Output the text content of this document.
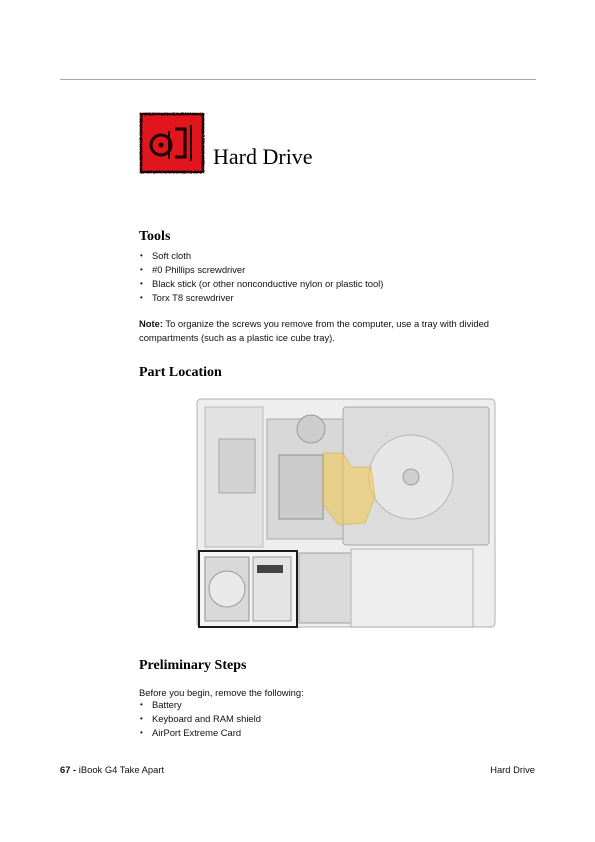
Hard Drive
Tools
• Soft cloth
• #0 Phillips screwdriver
• Black stick (or other nonconductive nylon or plastic tool)
• Torx T8 screwdriver

Note: To organize the screws you remove from the computer, use a tray with divided compartments (such as a plastic ice cube tray).

Part Location
Preliminary Steps

Before you begin, remove the following:

• Battery
• Keyboard and RAM shield
• AirPort Extreme Card
67 - iBook G4 Take Apart	Hard Drive
